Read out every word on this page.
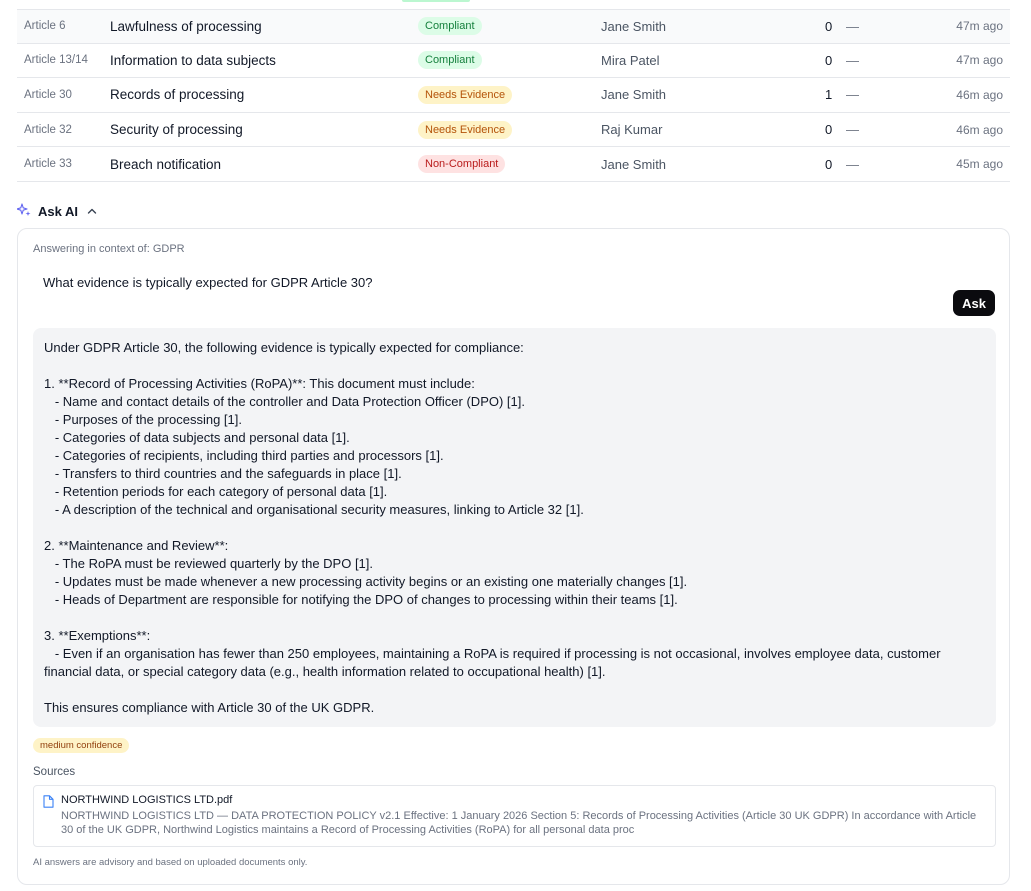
Article 6	Lawfulness of processing	Compliant	Jane Smith	0 —	47m ago
Article 13/14 Information to data subjects	Compliant	Mira Patel	0 —	47m ago
Article 30	Records of processing	Needs Evidence	Jane Smith	1 —	46m ago
Article 32	Security of processing	Needs Evidence	Raj Kumar	0 —	46m ago
Article 33	Breach notification	Non-Compliant	Jane Smith	0 —	45m ago
Ask AI
Answering in context of: GDPR
What evidence is typically expected for GDPR Article 30?
Ask

Under GDPR Article 30, the following evidence is typically expected for compliance:

1. **Record of Processing Activities (RoPA)**: This document must include:
- Name and contact details of the controller and Data Protection Officer (DPO) [1].
- Purposes of the processing [1].
- Categories of data subjects and personal data [1].
- Categories of recipients, including third parties and processors [1].
- Transfers to third countries and the safeguards in place [1].
- Retention periods for each category of personal data [1].
- A description of the technical and organisational security measures, linking to Article 32 [1].

2. **Maintenance and Review**:
- The RoPA must be reviewed quarterly by the DPO [1].
- Updates must be made whenever a new processing activity begins or an existing one materially changes [1].
- Heads of Department are responsible for notifying the DPO of changes to processing within their teams [1].

3. **Exemptions**:
- Even if an organisation has fewer than 250 employees, maintaining a RoPA is required if processing is not occasional, involves employee data, customer financial data, or special category data (e.g., health information related to occupational health) [1].

This ensures compliance with Article 30 of the UK GDPR.

medium confidence
Sources
NORTHWIND LOGISTICS LTD.pdf
NORTHWIND LOGISTICS LTD — DATA PROTECTION POLICY v2.1 Effective: 1 January 2026 Section 5: Records of Processing Activities (Article 30 UK GDPR) In accordance with Article 30 of the UK GDPR, Northwind Logistics maintains a Record of Processing Activities (RoPA) for all personal data proc
AI answers are advisory and based on uploaded documents only.
